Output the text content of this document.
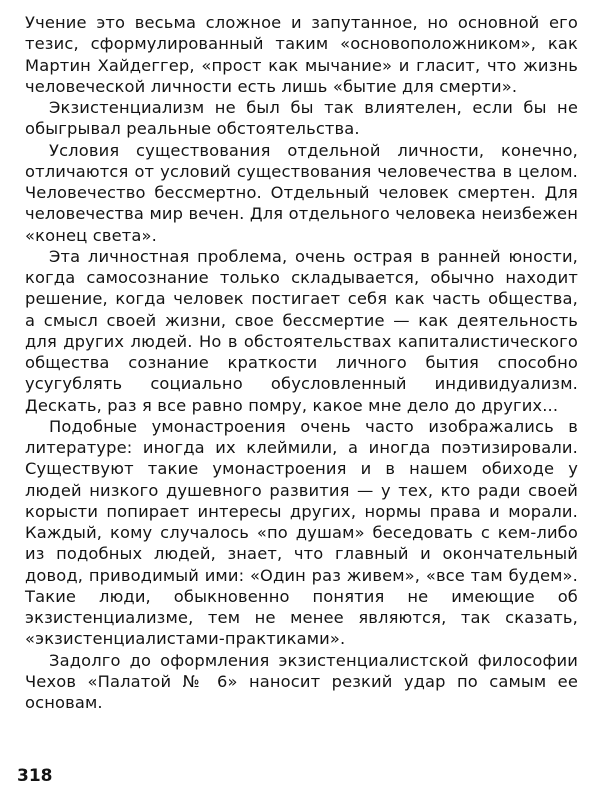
Учение это весьма сложное и запутанное, но основной его тезис, сформулированный таким «основоположником», как Мартин Хайдеггер, «прост как мычание» и гласит, что жизнь человеческой личности есть лишь «бытие для смерти».

Экзистенциализм не был бы так влиятелен, если бы не обыгрывал реальные обстоятельства.

Условия существования отдельной личности, конечно, отличаются от условий существования человечества в целом. Человечество бессмертно. Отдельный человек смертен. Для человечества мир вечен. Для отдельного человека неизбежен «конец света».

Эта личностная проблема, очень острая в ранней юности, когда самосознание только складывается, обычно находит решение, когда человек постигает себя как часть общества, а смысл своей жизни, свое бессмертие — как деятельность для других людей. Но в обстоятельствах капиталистического общества сознание краткости личного бытия способно усугублять социально обусловленный индивидуализм. Дескать, раз я все равно помру, какое мне дело до других...

Подобные умонастроения очень часто изображались в литературе: иногда их клеймили, а иногда поэтизировали. Существуют такие умонастроения и в нашем обиходе у людей низкого душевного развития — у тех, кто ради своей корысти попирает интересы других, нормы права и морали. Каждый, кому случалось «по душам» беседовать с кем-либо из подобных людей, знает, что главный и окончательный довод, приводимый ими: «Один раз живем», «все там будем». Такие люди, обыкновенно понятия не имеющие об экзистенциализме, тем не менее являются, так сказать, «экзистенциалистами-практиками».

Задолго до оформления экзистенциалистской философии Чехов «Палатой № 6» наносит резкий удар по самым ее основам.

318
